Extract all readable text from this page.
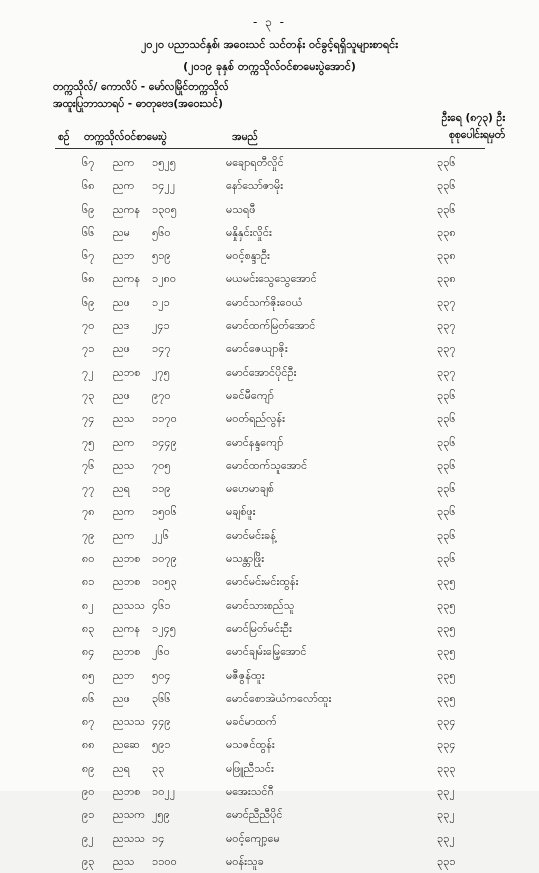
- ၃ -
၂၀၂၀ ပညာသင်နှစ်၊ အဝေးသင် သင်တန်း ဝင်ခွင့်ရရှိသူများစာရင်း
(၂၀၁၉ ခုနှစ် တက္ကသိုလ်ဝင်စာမေးပွဲအောင်)
တက္ကသိုလ်/ ကောလိပ် - မော်လမြိုင်တက္ကသိုလ်
အထူးပြုဘာသာရပ် - ဓာတုဗေဒ(အဝေးသင်)
ဦးရေ (၈၇၃) ဦး
စုစုပေါင်းရမှတ်
စဉ် တက္ကသိုလ်ဝင်စာမေးပွဲ	အမည်
၆၇	ညက ၁၅၂၅	မချောရတီလှိုင်	၃၃၆
၆၈	ညက ၁၄၂၂	နော်သော်ဇာမိုး	၃၃၆
၆၉	ညကန ၁၃၀၅	မသရဖီ	၃၃၆
၆၆	ညမ ၅၆၀	မနှိုနှင်းလှိုင်း	၃၃၈
၆၇	ညဘ ၅၁၉	မဝင့်စန္ဒာဦး	၃၃၈
၆၈	ညကန ၁၂၈၀	မယမင်းသွေသွေအောင်	၃၃၈
၆၉	ညဖ ၁၂၁	မောင်သက်ဇိုးဝေယံ	၃၃၇
၇၀	ညဒ ၂၄၁	မောင်ထက်မြတ်အောင်	၃၃၇
၇၁	ညဖ ၁၄၇	မောင်ဇေယျာဇိုး	၃၃၇
၇၂	ညဘစ ၂၇၅	မောင်အောင်ပိုင်ဦး	၃၃၇
၇၃	ညဖ ၉၇၀	မခင်မီကျော်	၃၃၆
၇၄	ညသ ၁၁၇၀	မဝတ်ရည်လွန်း	၃၃၆
၇၅	ညက ၁၄၄၉	မောင်နန္ဒကျော်	၃၃၆
၇၆	ညသ ၇၀၅	မောင်ထက်သူအောင်	၃၃၆
၇၇	ညရ ၁၁၉	မဟေမာချစ်	၃၃၆
၇၈	ညက ၁၅၀၆	မချစ်ဖူး	၃၃၆
၇၉	ညက ၂၂၆	မောင်မင်းခန့်	၃၃၆
၈၀	ညဘစ ၁၀၇၉	မသန္တာဖြိုး	၃၃၆
၈၁	ညဘစ ၁၀၅၃	မောင်မင်းမင်းထွန်း	၃၃၅
၈၂	ညသသ ၄၆၁	မောင်သားစည်သူ	၃၃၅
၈၃	ညကန ၁၂၄၅	မောင်မြတ်မင်းဦး	၃၃၅
၈၄	ညဘစ ၂၆၀	မောင်ချမ်းမြေ့အောင်	၃၃၅
၈၅	ညဘ ၅၀၄	မဇီဇွန်ထူး	၃၃၅
၈၆	ညဖ ၃၆၆	မောင်စောအဲယံကလော်ထူး	၃၃၅
၈၇	ညသသ ၄၄၉	မခင်မာထက်	၃၃၄
၈၈	ညဆေ ၅၉၁	မသဇင်ထွန်း	၃၃၄
၈၉	ညရ ၃၃	မဖြူညီသင်း	၃၃၃
၉၀	ညဘစ ၁၀၂၂	မအေးသင်ဂီ	၃၃၂
၉၁	ညသက ၂၅၉	မောင်ညီညီပိုင်	၃၃၂
၉၂	ညသသ ၁၄	မဝင့်ကျော့မေ	၃၃၂
၉၃	ညသ ၁၁၀၀	မဝန်းသူခ	၃၃၁
